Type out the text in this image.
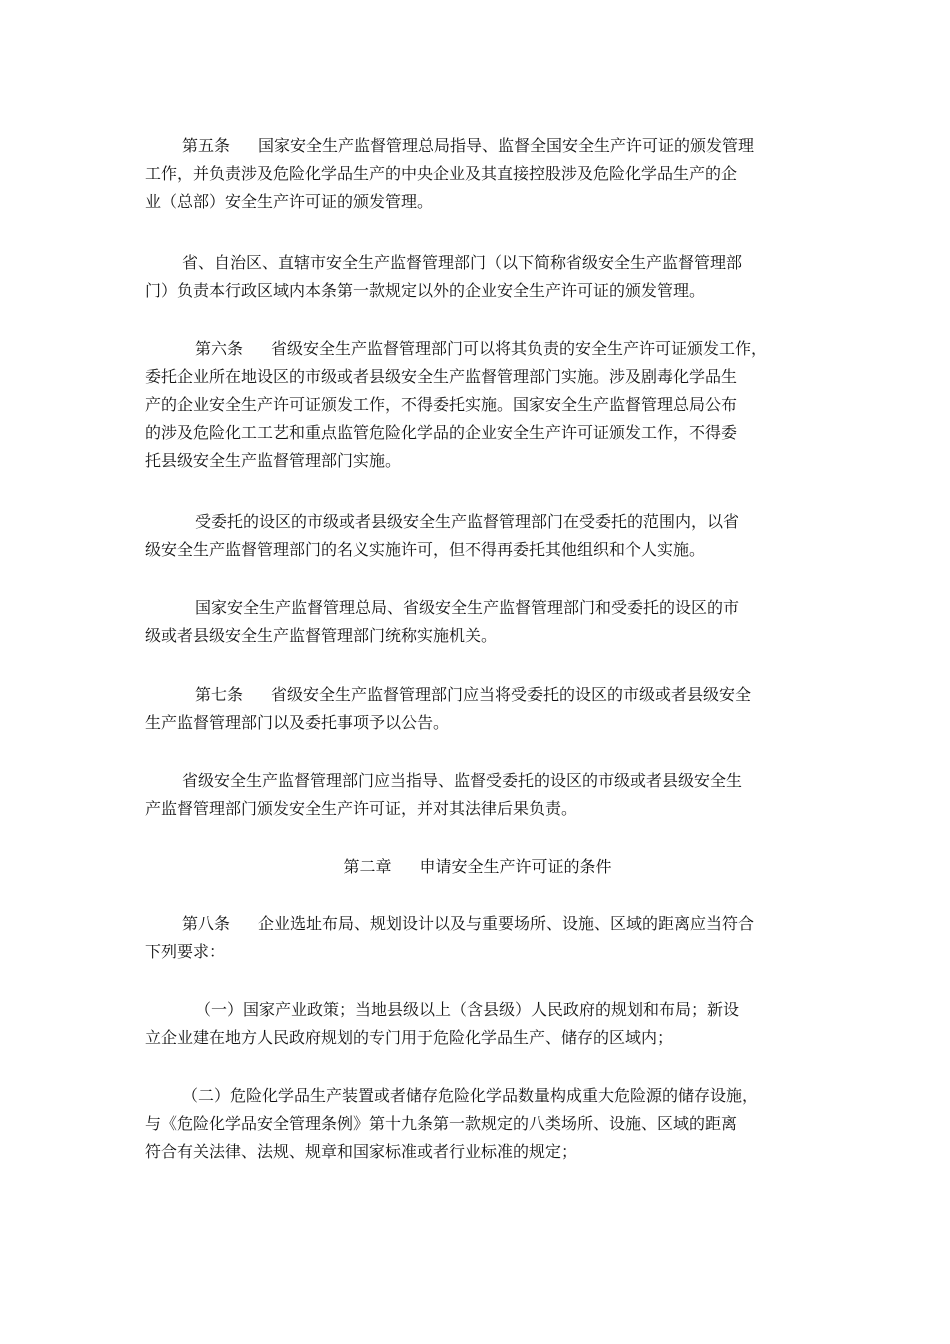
第五条 国家安全生产监督管理总局指导、监督全国安全生产许可证的颁发管理
工作，并负责涉及危险化学品生产的中央企业及其直接控股涉及危险化学品生产的企
业（总部）安全生产许可证的颁发管理。
省、自治区、直辖市安全生产监督管理部门（以下简称省级安全生产监督管理部
门）负责本行政区域内本条第一款规定以外的企业安全生产许可证的颁发管理。
第六条 省级安全生产监督管理部门可以将其负责的安全生产许可证颁发工作，
委托企业所在地设区的市级或者县级安全生产监督管理部门实施。涉及剧毒化学品生
产的企业安全生产许可证颁发工作，不得委托实施。国家安全生产监督管理总局公布
的涉及危险化工工艺和重点监管危险化学品的企业安全生产许可证颁发工作，不得委
托县级安全生产监督管理部门实施。
受委托的设区的市级或者县级安全生产监督管理部门在受委托的范围内，以省
级安全生产监督管理部门的名义实施许可，但不得再委托其他组织和个人实施。
国家安全生产监督管理总局、省级安全生产监督管理部门和受委托的设区的市
级或者县级安全生产监督管理部门统称实施机关。
第七条 省级安全生产监督管理部门应当将受委托的设区的市级或者县级安全
生产监督管理部门以及委托事项予以公告。
省级安全生产监督管理部门应当指导、监督受委托的设区的市级或者县级安全生
产监督管理部门颁发安全生产许可证，并对其法律后果负责。
第二章 申请安全生产许可证的条件
第八条 企业选址布局、规划设计以及与重要场所、设施、区域的距离应当符合
下列要求：
（一）国家产业政策；当地县级以上（含县级）人民政府的规划和布局；新设
立企业建在地方人民政府规划的专门用于危险化学品生产、储存的区域内；
（二）危险化学品生产装置或者储存危险化学品数量构成重大危险源的储存设施，
与《危险化学品安全管理条例》第十九条第一款规定的八类场所、设施、区域的距离
符合有关法律、法规、规章和国家标准或者行业标准的规定；
